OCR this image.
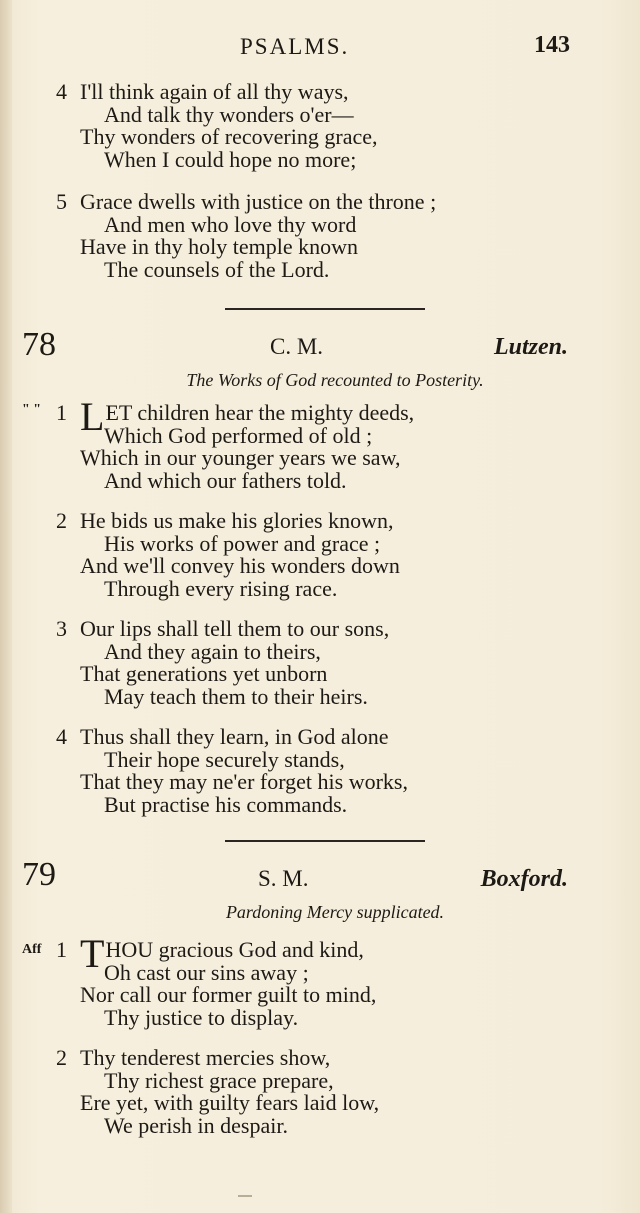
PSALMS.	143
4 I'll think again of all thy ways,
And talk thy wonders o'er—
Thy wonders of recovering grace,
When I could hope no more;
5 Grace dwells with justice on the throne ;
And men who love thy word
Have in thy holy temple known
The counsels of the Lord.
78	C. M.	Lutzen.
The Works of God recounted to Posterity.
" " 1 LET children hear the mighty deeds,
Which God performed of old ;
Which in our younger years we saw,
And which our fathers told.
2 He bids us make his glories known,
His works of power and grace ;
And we'll convey his wonders down
Through every rising race.
3 Our lips shall tell them to our sons,
And they again to theirs,
That generations yet unborn
May teach them to their heirs.
4 Thus shall they learn, in God alone
Their hope securely stands,
That they may ne'er forget his works,
But practise his commands.
79	S. M.	Boxford.
Pardoning Mercy supplicated.
Aff 1 THOU gracious God and kind,
Oh cast our sins away ;
Nor call our former guilt to mind,
Thy justice to display.
2 Thy tenderest mercies show,
Thy richest grace prepare,
Ere yet, with guilty fears laid low,
We perish in despair.
